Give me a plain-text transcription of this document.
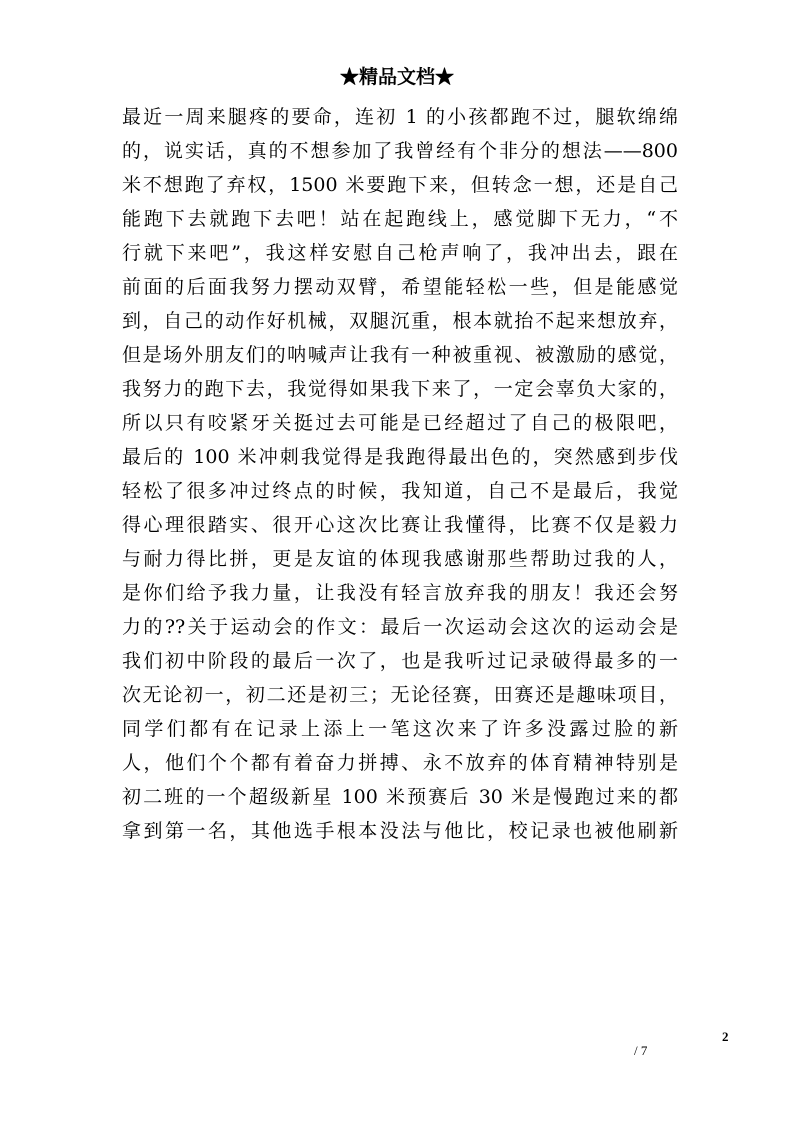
★精品文档★
最近一周来腿疼的要命，连初 1 的小孩都跑不过，腿软绵绵
的，说实话，真的不想参加了我曾经有个非分的想法——800
米不想跑了弃权，1500 米要跑下来，但转念一想，还是自己
能跑下去就跑下去吧！站在起跑线上，感觉脚下无力，“不
行就下来吧”，我这样安慰自己枪声响了，我冲出去，跟在
前面的后面我努力摆动双臂，希望能轻松一些，但是能感觉
到，自己的动作好机械，双腿沉重，根本就抬不起来想放弃，
但是场外朋友们的呐喊声让我有一种被重视、被激励的感觉，
我努力的跑下去，我觉得如果我下来了，一定会辜负大家的，
所以只有咬紧牙关挺过去可能是已经超过了自己的极限吧，
最后的 100 米冲刺我觉得是我跑得最出色的，突然感到步伐
轻松了很多冲过终点的时候，我知道，自己不是最后，我觉
得心理很踏实、很开心这次比赛让我懂得，比赛不仅是毅力
与耐力得比拼，更是友谊的体现我感谢那些帮助过我的人，
是你们给予我力量，让我没有轻言放弃我的朋友！我还会努
力的??关于运动会的作文：最后一次运动会这次的运动会是
我们初中阶段的最后一次了，也是我听过记录破得最多的一
次无论初一，初二还是初三；无论径赛，田赛还是趣味项目，
同学们都有在记录上添上一笔这次来了许多没露过脸的新
人，他们个个都有着奋力拼搏、永不放弃的体育精神特别是
初二班的一个超级新星 100 米预赛后 30 米是慢跑过来的都
拿到第一名，其他选手根本没法与他比，校记录也被他刷新
2
/ 7
